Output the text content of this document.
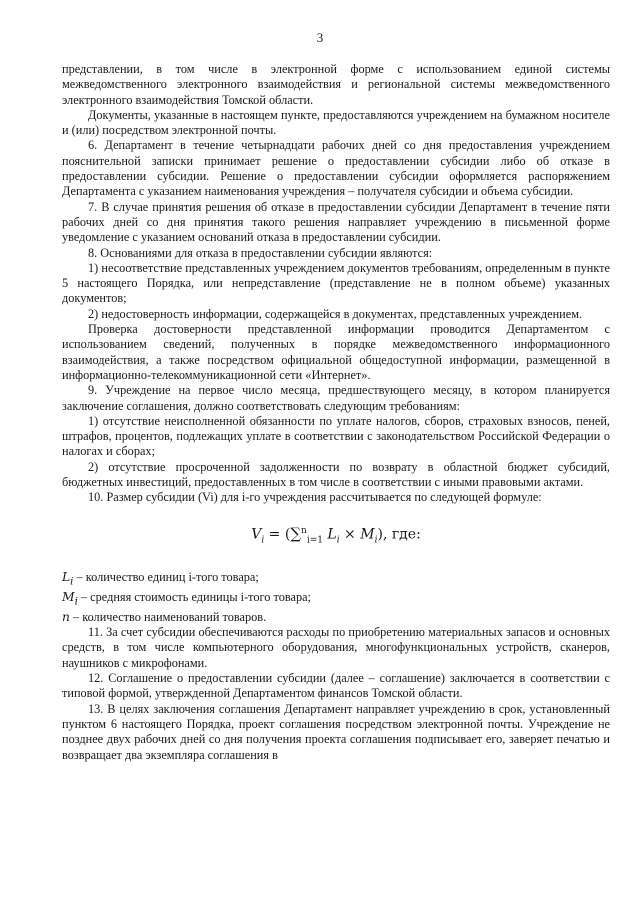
3

представлении, в том числе в электронной форме с использованием единой системы межведомственного электронного взаимодействия и региональной системы межведомственного электронного взаимодействия Томской области.

Документы, указанные в настоящем пункте, предоставляются учреждением на бумажном носителе и (или) посредством электронной почты.

6. Департамент в течение четырнадцати рабочих дней со дня предоставления учреждением пояснительной записки принимает решение о предоставлении субсидии либо об отказе в предоставлении субсидии. Решение о предоставлении субсидии оформляется распоряжением Департамента с указанием наименования учреждения – получателя субсидии и объема субсидии.

7. В случае принятия решения об отказе в предоставлении субсидии Департамент в течение пяти рабочих дней со дня принятия такого решения направляет учреждению в письменной форме уведомление с указанием оснований отказа в предоставлении субсидии.

8. Основаниями для отказа в предоставлении субсидии являются:

1) несоответствие представленных учреждением документов требованиям, определенным в пункте 5 настоящего Порядка, или непредставление (представление не в полном объеме) указанных документов;

2) недостоверность информации, содержащейся в документах, представленных учреждением.

Проверка достоверности представленной информации проводится Департаментом с использованием сведений, полученных в порядке межведомственного информационного взаимодействия, а также посредством официальной общедоступной информации, размещенной в информационно-телекоммуникационной сети «Интернет».

9. Учреждение на первое число месяца, предшествующего месяцу, в котором планируется заключение соглашения, должно соответствовать следующим требованиям:

1) отсутствие неисполненной обязанности по уплате налогов, сборов, страховых взносов, пеней, штрафов, процентов, подлежащих уплате в соответствии с законодательством Российской Федерации о налогах и сборах;

2) отсутствие просроченной задолженности по возврату в областной бюджет субсидий, бюджетных инвестиций, предоставленных в том числе в соответствии с иными правовыми актами.

10. Размер субсидии (Vi) для i-го учреждения рассчитывается по следующей формуле:

$V_i = (\sum^n_{i=1}$ $L_i \times M_i$), где:

$L_i$ – количество единиц i-того товара;

$M_i$ – средняя стоимость единицы i-того товара;

n – количество наименований товаров.

11. За счет субсидии обеспечиваются расходы по приобретению материальных запасов и основных средств, в том числе компьютерного оборудования, многофункциональных устройств, сканеров, наушников с микрофонами.

12. Соглашение о предоставлении субсидии (далее – соглашение) заключается в соответствии с типовой формой, утвержденной Департаментом финансов Томской области.

13. В целях заключения соглашения Департамент направляет учреждению в срок, установленный пунктом 6 настоящего Порядка, проект соглашения посредством электронной почты. Учреждение не позднее двух рабочих дней со дня получения проекта соглашения подписывает его, заверяет печатью и возвращает два экземпляра соглашения в
